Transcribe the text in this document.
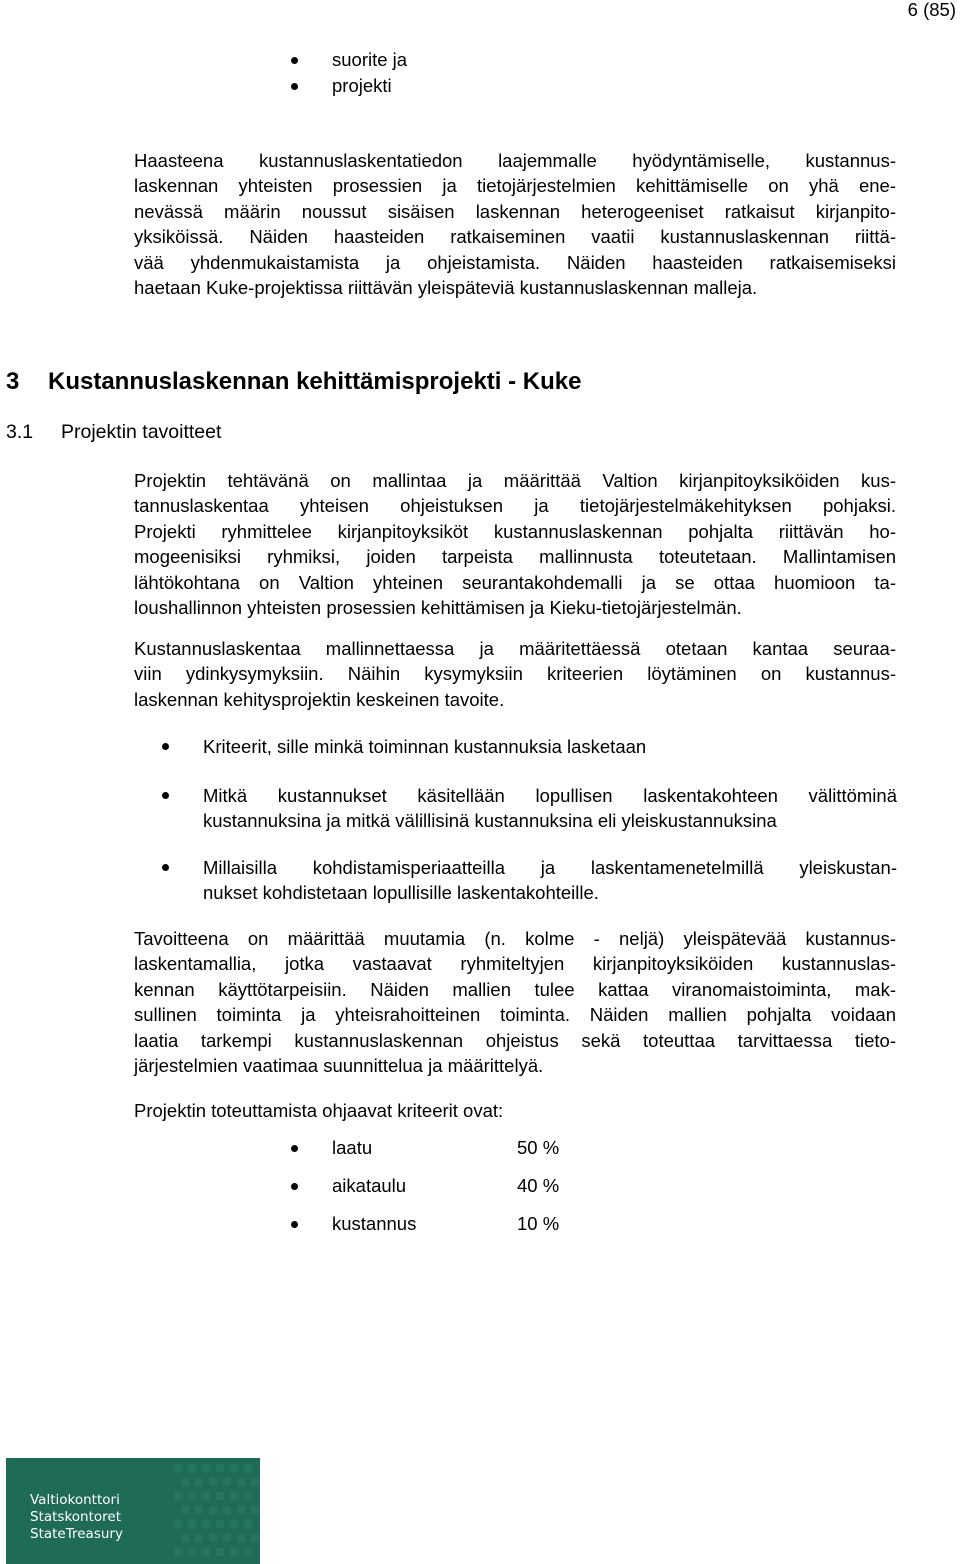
6 (85)
suorite ja
projekti

Haasteena kustannuslaskentatiedon laajemmalle hyödyntämiselle, kustannus-
laskennan yhteisten prosessien ja tietojärjestelmien kehittämiselle on yhä ene-
nevässä määrin noussut sisäisen laskennan heterogeeniset ratkaisut kirjanpito-
yksiköissä. Näiden haasteiden ratkaiseminen vaatii kustannuslaskennan riittä-
vää yhdenmukaistamista ja ohjeistamista. Näiden haasteiden ratkaisemiseksi
haetaan Kuke-projektissa riittävän yleispäteviä kustannuslaskennan malleja.

3 Kustannuslaskennan kehittämisprojekti - Kuke
3.1 Projektin tavoitteet

Projektin tehtävänä on mallintaa ja määrittää Valtion kirjanpitoyksiköiden kus-
tannuslaskentaa yhteisen ohjeistuksen ja tietojärjestelmäkehityksen pohjaksi.
Projekti ryhmittelee kirjanpitoyksiköt kustannuslaskennan pohjalta riittävän ho-
mogeenisiksi ryhmiksi, joiden tarpeista mallinnusta toteutetaan. Mallintamisen
lähtökohtana on Valtion yhteinen seurantakohdemalli ja se ottaa huomioon ta-
loushallinnon yhteisten prosessien kehittämisen ja Kieku-tietojärjestelmän.

Kustannuslaskentaa mallinnettaessa ja määritettäessä otetaan kantaa seuraa-
viin ydinkysymyksiin. Näihin kysymyksiin kriteerien löytäminen on kustannus-
laskennan kehitysprojektin keskeinen tavoite.

Kriteerit, sille minkä toiminnan kustannuksia lasketaan
Mitkä kustannukset käsitellään lopullisen laskentakohteen välittöminä
kustannuksina ja mitkä välillisinä kustannuksina eli yleiskustannuksina
Millaisilla kohdistamisperiaatteilla ja laskentamenetelmillä yleiskustan-
nukset kohdistetaan lopullisille laskentakohteille.

Tavoitteena on määrittää muutamia (n. kolme - neljä) yleispätevää kustannus-
laskentamallia, jotka vastaavat ryhmiteltyjen kirjanpitoyksiköiden kustannuslas-
kennan käyttötarpeisiin. Näiden mallien tulee kattaa viranomaistoiminta, mak-
sullinen toiminta ja yhteisrahoitteinen toiminta. Näiden mallien pohjalta voidaan
laatia tarkempi kustannuslaskennan ohjeistus sekä toteuttaa tarvittaessa tieto-
järjestelmien vaatimaa suunnittelua ja määrittelyä.

Projektin toteuttamista ohjaavat kriteerit ovat:

laatu	50 %
aikataulu	40 %
kustannus	10 %
Valtiokonttori
Statskontoret
StateTreasury
